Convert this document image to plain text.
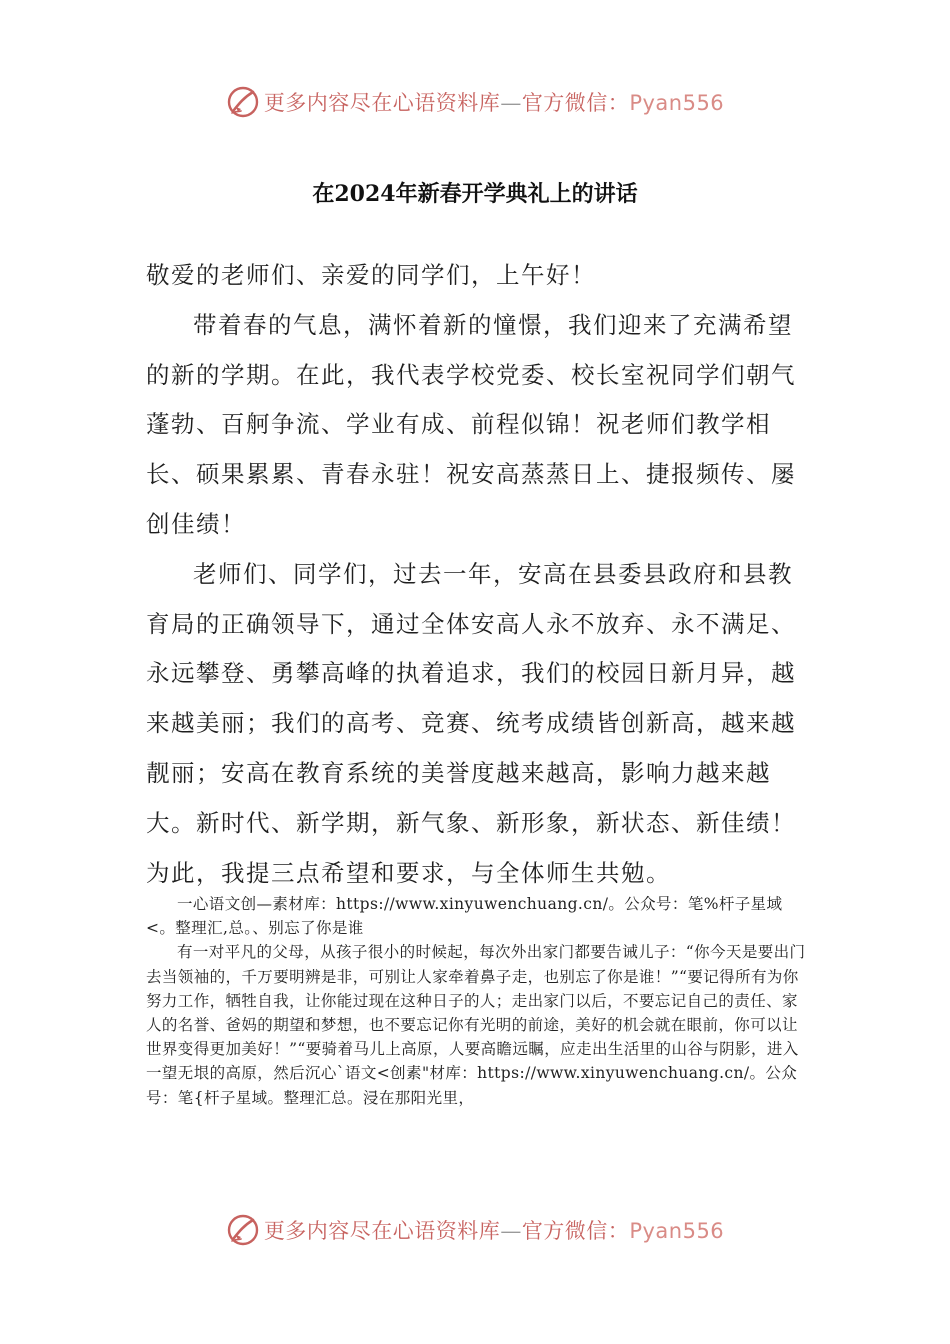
更多内容尽在心语资料库—官方微信：Pyan556
在2024年新春开学典礼上的讲话

敬爱的老师们、亲爱的同学们，上午好！

带着春的气息，满怀着新的憧憬，我们迎来了充满希望的新的学期。在此，我代表学校党委、校长室祝同学们朝气蓬勃、百舸争流、学业有成、前程似锦！祝老师们教学相长、硕果累累、青春永驻！祝安高蒸蒸日上、捷报频传、屡创佳绩！

老师们、同学们，过去一年，安高在县委县政府和县教育局的正确领导下，通过全体安高人永不放弃、永不满足、永远攀登、勇攀高峰的执着追求，我们的校园日新月异，越来越美丽；我们的高考、竞赛、统考成绩皆创新高，越来越靓丽；安高在教育系统的美誉度越来越高，影响力越来越大。新时代、新学期，新气象、新形象，新状态、新佳绩！为此，我提三点希望和要求，与全体师生共勉。

一心语文创—素材库：https://www.xinyuwenchuang.cn/。公众号：笔%杆子星域<。整理汇,总。、别忘了你是谁

有一对平凡的父母，从孩子很小的时候起，每次外出家门都要告诫儿子：“你今天是要出门去当领袖的，千万要明辨是非，可别让人家牵着鼻子走，也别忘了你是谁！”“要记得所有为你努力工作，牺牲自我，让你能过现在这种日子的人；走出家门以后，不要忘记自己的责任、家人的名誉、爸妈的期望和梦想，也不要忘记你有光明的前途，美好的机会就在眼前，你可以让世界变得更加美好！”“要骑着马儿上高原，人要高瞻远瞩，应走出生活里的山谷与阴影，进入一望无垠的高原，然后沉心`语文<创素"材库：https://www.xinyuwenchuang.cn/。公众号：笔{杆子星域。整理汇总。浸在那阳光里，

更多内容尽在心语资料库—官方微信：Pyan556
